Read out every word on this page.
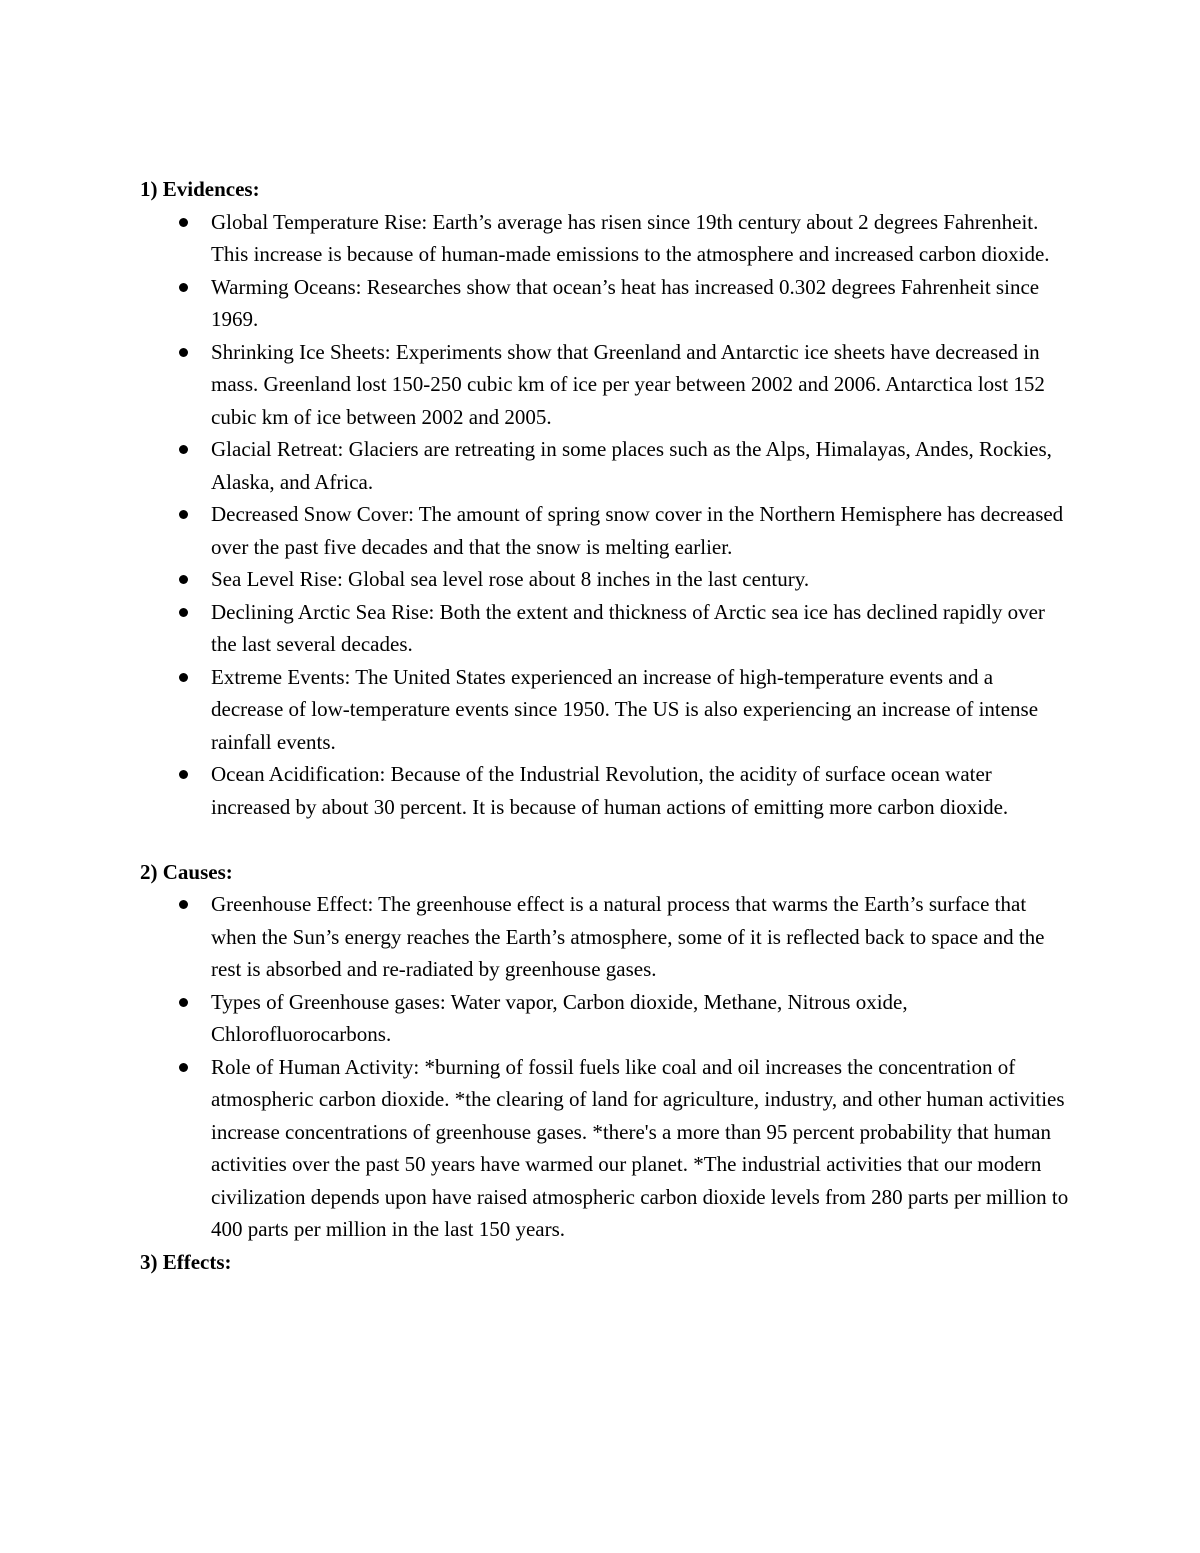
1) Evidences:
Global Temperature Rise: Earth’s average has risen since 19th century about 2 degrees Fahrenheit. This increase is because of human-made emissions to the atmosphere and increased carbon dioxide.
Warming Oceans: Researches show that ocean’s heat has increased 0.302 degrees Fahrenheit since 1969.
Shrinking Ice Sheets: Experiments show that Greenland and Antarctic ice sheets have decreased in mass. Greenland lost 150-250 cubic km of ice per year between 2002 and 2006. Antarctica lost 152 cubic km of ice between 2002 and 2005.
Glacial Retreat: Glaciers are retreating in some places such as the Alps, Himalayas, Andes, Rockies, Alaska, and Africa.
Decreased Snow Cover: The amount of spring snow cover in the Northern Hemisphere has decreased over the past five decades and that the snow is melting earlier.
Sea Level Rise: Global sea level rose about 8 inches in the last century.
Declining Arctic Sea Rise: Both the extent and thickness of Arctic sea ice has declined rapidly over the last several decades.
Extreme Events: The United States experienced an increase of high-temperature events and a decrease of low-temperature events since 1950. The US is also experiencing an increase of intense rainfall events.
Ocean Acidification: Because of the Industrial Revolution, the acidity of surface ocean water increased by about 30 percent. It is because of human actions of emitting more carbon dioxide.
2) Causes:
Greenhouse Effect: The greenhouse effect is a natural process that warms the Earth’s surface that when the Sun’s energy reaches the Earth’s atmosphere, some of it is reflected back to space and the rest is absorbed and re-radiated by greenhouse gases.
Types of Greenhouse gases: Water vapor, Carbon dioxide, Methane, Nitrous oxide, Chlorofluorocarbons.
Role of Human Activity: *burning of fossil fuels like coal and oil increases the concentration of atmospheric carbon dioxide. *the clearing of land for agriculture, industry, and other human activities increase concentrations of greenhouse gases. *there's a more than 95 percent probability that human activities over the past 50 years have warmed our planet. *The industrial activities that our modern civilization depends upon have raised atmospheric carbon dioxide levels from 280 parts per million to 400 parts per million in the last 150 years.
3) Effects:
